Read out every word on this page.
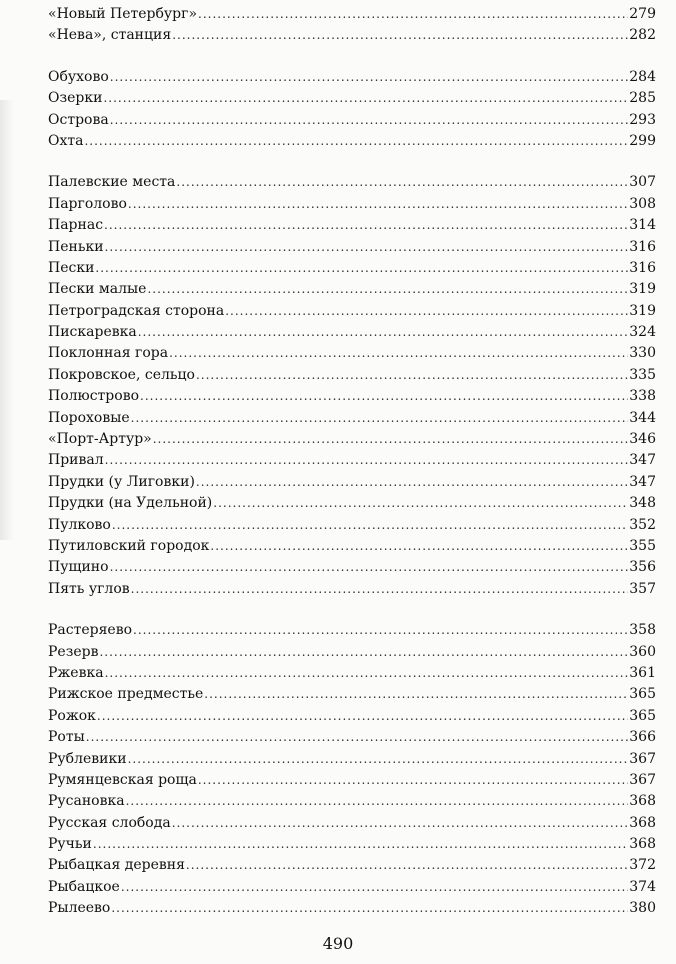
«Новый Петербург» .....	279
«Нева», станция .....	282
Обухово .....	284
Озерки .....	285
Острова .....	293
Охта .....	299
Палевские места .....	307
Парголово .....	308
Парнас .....	314
Пеньки .....	316
Пески .....	316
Пески малые .....	319
Петроградская сторона .....	319
Пискаревка .....	324
Поклонная гора .....	330
Покровское, сельцо .....	335
Полюстрово .....	338
Пороховые .....	344
«Порт-Артур» .....	346
Привал .....	347
Прудки (у Лиговки) .....	347
Прудки (на Удельной) .....	348
Пулково .....	352
Путиловский городок .....	355
Пущино .....	356
Пять углов .....	357
Растеряево .....	358
Резерв .....	360
Ржевка .....	361
Рижское предместье .....	365
Рожок .....	365
Роты .....	366
Рублевики .....	367
Румянцевская роща .....	367
Русановка .....	368
Русская слобода .....	368
Ручьи .....	368
Рыбацкая деревня .....	372
Рыбацкое .....	374
Рылеево .....	380
490
